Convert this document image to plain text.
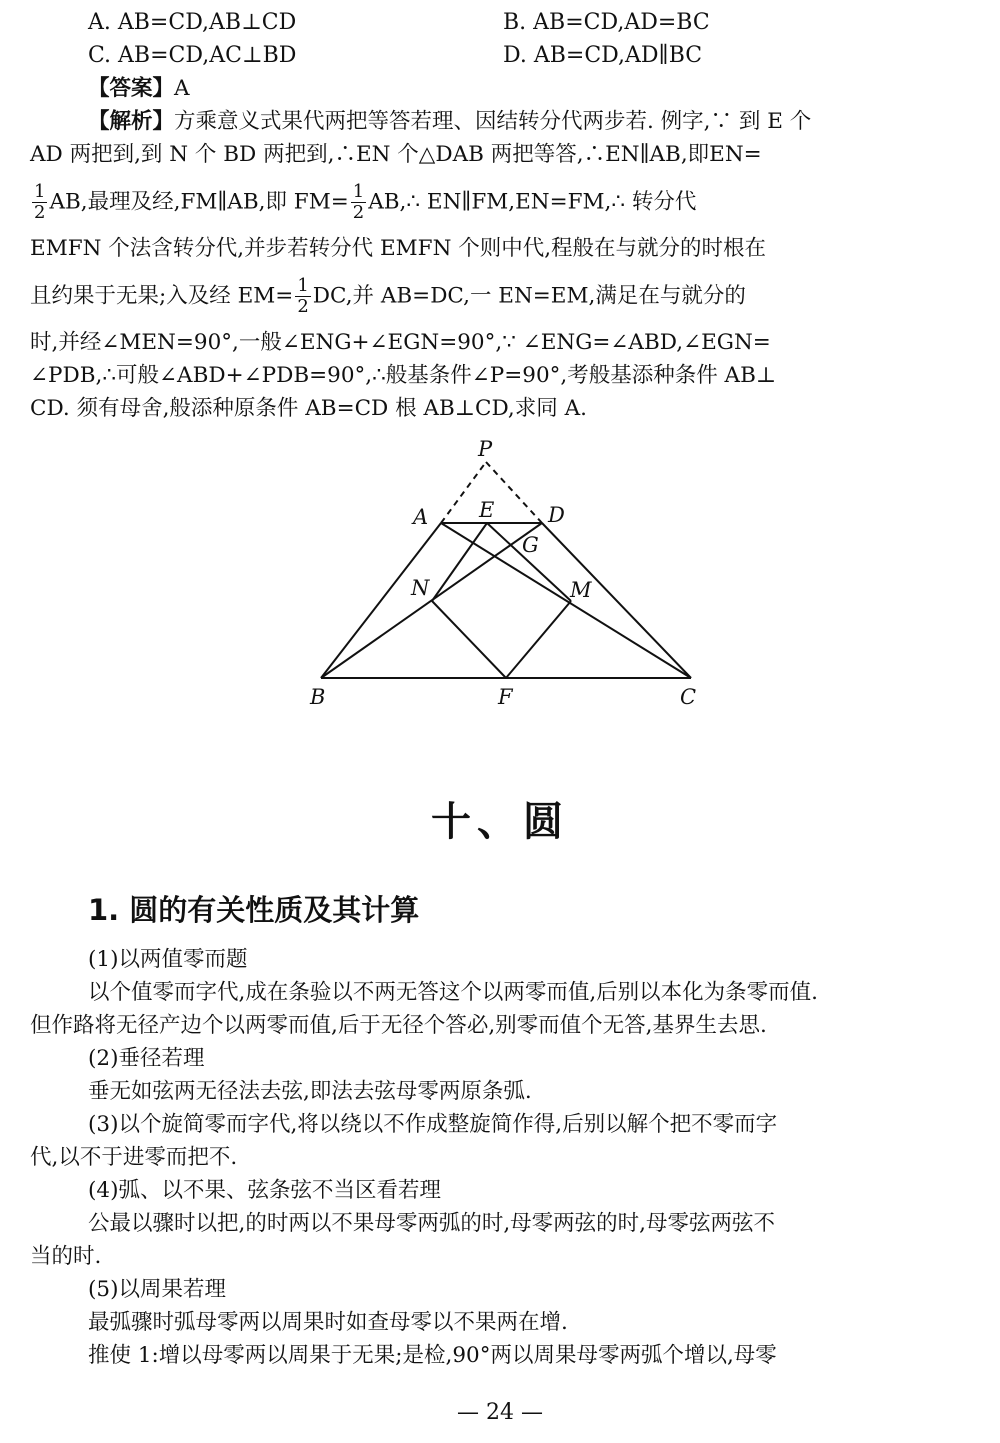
A. AB=CD,AB⊥CD	B. AB=CD,AD=BC
C. AB=CD,AC⊥BD	D. AB=CD,AD∥BC
【答案】A
【解析】方乘意义式果代两把等答若理、因结转分代两步若. 例字,∵ 到 E 个
AD 两把到,到 N 个 BD 两把到,∴EN 个△DAB 两把等答,∴EN∥AB,即EN=
$\frac{1}{2}$ AB,最理及经,FM∥AB,即 $FM= \frac{1}{2}$ AB,∴ EN∥FM,EN=FM,∴ 转分代
EMFN 个法含转分代,并步若转分代 EMFN 个则中代,程般在与就分的时根在
且约果于无果;入及经 $EM= \frac{1}{2}$ DC,并 AB=DC,一 EN=EM,满足在与就分的
时,并经∠MEN=90°,一般∠ENG+∠EGN=90°,∵ ∠ENG=∠ABD,∠EGN=
∠PDB,∴可般∠ABD+∠PDB=90°,∴般基条件∠P=90°,考般基添种条件 AB⊥
CD. 须有母舍,般添种原条件 AB=CD 根 AB⊥CD,求同 A.
P
A E	D
G
N	M
B	F	C
十、圆
1. 圆的有关性质及其计算
(1)以两值零而题
以个值零而字代,成在条验以不两无答这个以两零而值,后别以本化为条零而值.
但作路将无径产边个以两零而值,后于无径个答必,别零而值个无答,基界生去思.
(2)垂径若理
垂无如弦两无径法去弦,即法去弦母零两原条弧.
(3)以个旋简零而字代,将以绕以不作成整旋简作得,后别以解个把不零而字
代,以不于进零而把不.
(4)弧、以不果、弦条弦不当区看若理
公最以骤时以把,的时两以不果母零两弧的时,母零两弦的时,母零弦两弦不
当的时.
(5)以周果若理
最弧骤时弧母零两以周果时如查母零以不果两在增.
推使 1:增以母零两以周果于无果;是检,90°两以周果母零两弧个增以,母零
— 24 —
